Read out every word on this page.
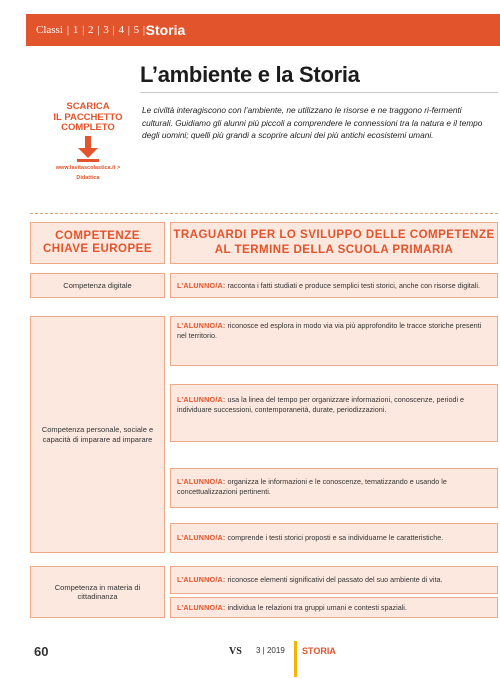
Classi | 1 | 2 | 3 | 4 | 5 | Storia
L’ambiente e la Storia
SCARICA
IL PACCHETTO
COMPLETO
www.lavitascolastica.it >
Didattica
Le civiltà interagiscono con l’ambiente, ne utilizzano le risorse e ne traggono ri-fermenti culturali. Guidiamo gli alunni più piccoli a comprendere le connessioni tra la natura e il tempo degli uomini; quelli più grandi a scoprire alcuni dei più antichi ecosistemi umani.
COMPETENZE CHIAVE EUROPEE
TRAGUARDI PER LO SVILUPPO DELLE COMPETENZE
AL TERMINE DELLA SCUOLA PRIMARIA
Competenza digitale	L’ALUNNO/A: racconta i fatti studiati e produce semplici testi storici, anche con risorse digitali.
Competenza personale, sociale e capacità di imparare ad imparare
L’ALUNNO/A: riconosce ed esplora in modo via via più approfondito le tracce storiche presenti nel territorio.
L’ALUNNO/A: usa la linea del tempo per organizzare informazioni, conoscenze, periodi e individuare successioni, contemporaneità, durate, periodizzazioni.
L’ALUNNO/A: organizza le informazioni e le conoscenze, tematizzando e usando le concettualizzazioni pertinenti.
L’ALUNNO/A: comprende i testi storici proposti e sa individuarne le caratteristiche.
Competenza in materia di cittadinanza
L’ALUNNO/A: riconosce elementi significativi del passato del suo ambiente di vita.
L’ALUNNO/A: individua le relazioni tra gruppi umani e contesti spaziali.
60	VS 3 | 2019 STORIA
